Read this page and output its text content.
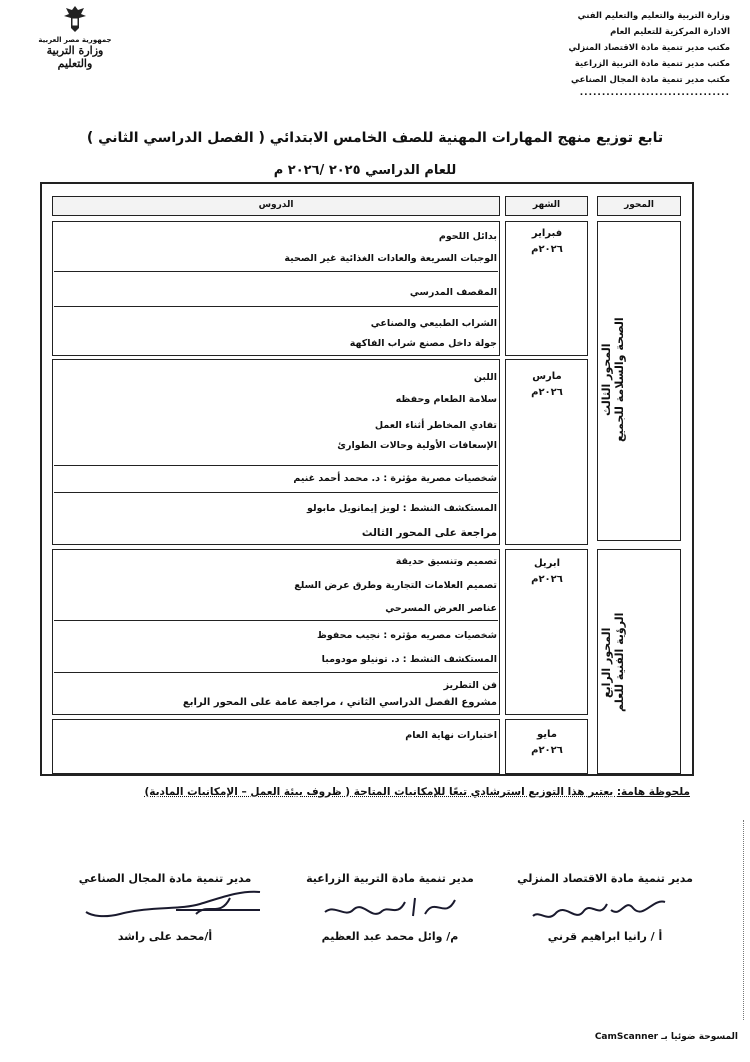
وزارة التربية والتعليم والتعليم الفني
الادارة المركزية للتعليم العام
مكتب مدير تنمية مادة الاقتصاد المنزلي
مكتب مدير تنمية مادة التربية الزراعية
مكتب مدير تنمية مادة المجال الصناعي
..................................
جمهورية مصر العربية
وزارة التربية والتعليم
تابع توزيع منهج المهارات المهنية للصف الخامس الابتدائي ( الفصل الدراسي الثاني )
للعام الدراسي ٢٠٢٥ /٢٠٢٦ م
المحور
الشهر
الدروس
المحور الثالث الصحة والسلامة للجميع
المحور الرابع الرؤية الفنية للعلم
فبراير
٢٠٢٦م
مارس
٢٠٢٦م
ابريل
٢٠٢٦م
مايو
٢٠٢٦م
بدائل اللحوم
الوجبات السريعة والعادات الغذائية غير الصحية
المقصف المدرسي
الشراب الطبيعي والصناعي
جولة داخل مصنع شراب الفاكهة
اللبن
سلامة الطعام وحفظه
تفادي المخاطر أثناء العمل
الإسعافات الأولية وحالات الطوارئ
شخصيات مصرية مؤثرة : د. محمد أحمد غنيم
المستكشف النشط : لويز إيمانويل مابولو
مراجعة على المحور الثالث
تصميم وتنسيق حديقة
تصميم العلامات التجارية وطرق عرض السلع
عناصر العرض المسرحي
شخصيات مصريه مؤثره : نجيب محفوظ
المستكشف النشط : د. تونيلو مودومبا
فن التطريز
مشروع الفصل الدراسي الثاني ، مراجعة عامة على المحور الرابع
اختبارات نهاية العام
ملحوظة هامة: يعتبر هذا التوزيع استرشادي تبعًا للإمكانيات المتاحة ( ظروف بيئة العمل – الإمكانيات المادية)
مدير تنمية مادة الاقتصاد المنزلي
أ / رانيا ابراهيم قرني
مدير تنمية مادة التربية الزراعية
م/ وائل محمد عبد العظيم
مدير تنمية مادة المجال الصناعي
أ/محمد على راشد
المسوحة ضوئيا بـ CamScanner
